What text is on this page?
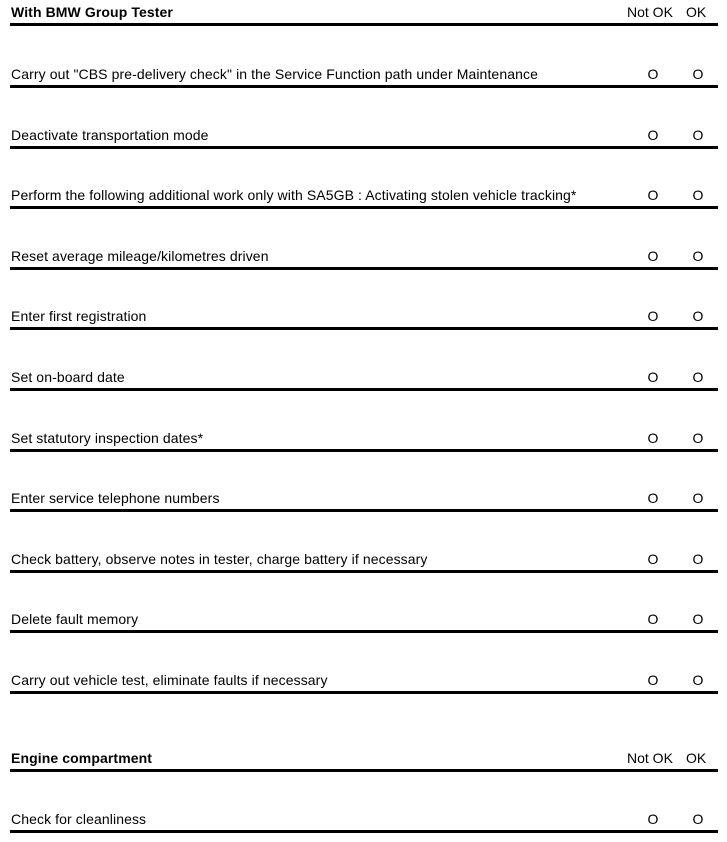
With BMW Group Tester	Not OK OK
Carry out "CBS pre-delivery check" in the Service Function path under Maintenance	O O
Deactivate transportation mode	O O
Perform the following additional work only with SA5GB : Activating stolen vehicle tracking*	O O
Reset average mileage/kilometres driven	O O
Enter first registration	O O
Set on-board date	O O
Set statutory inspection dates*	O O
Enter service telephone numbers	O O
Check battery, observe notes in tester, charge battery if necessary	O O
Delete fault memory	O O
Carry out vehicle test, eliminate faults if necessary	O O
Engine compartment	Not OK OK
Check for cleanliness	O O
